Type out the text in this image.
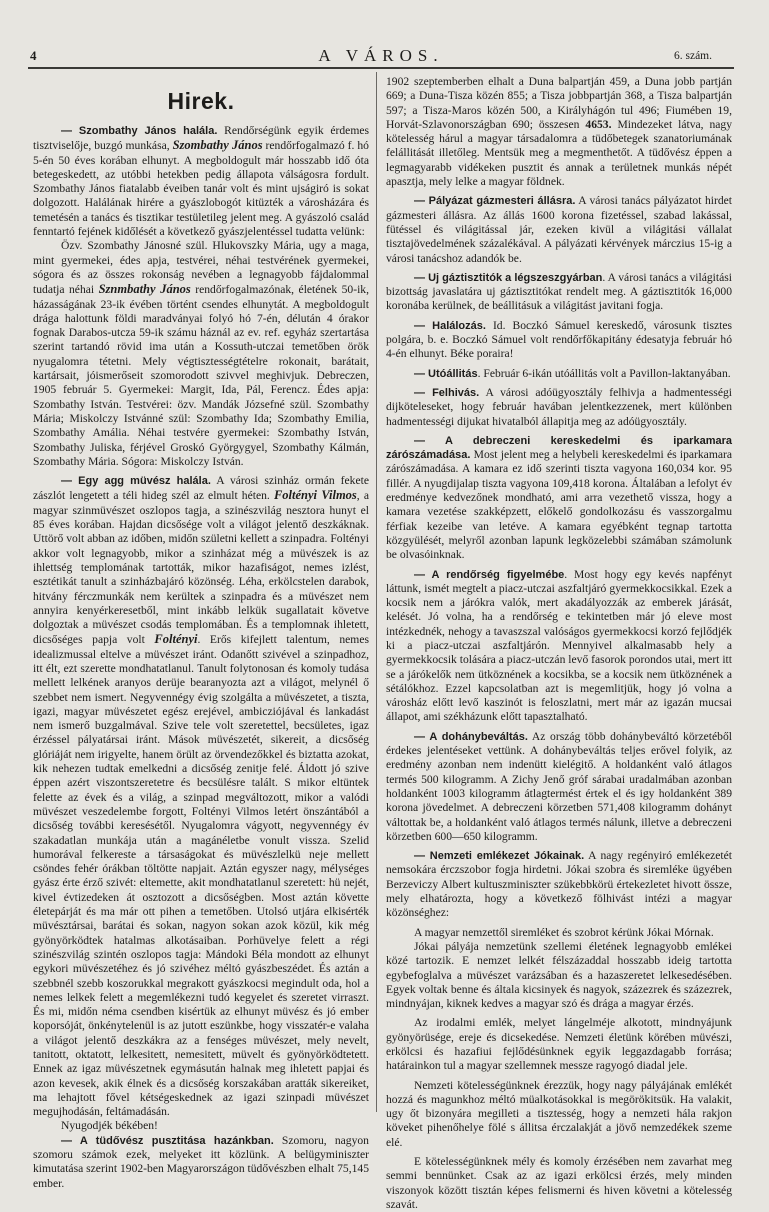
4	A VÁROS.	6. szám.
Hirek.

— Szombathy János halála. Rendőrségünk egyik érdemes tisztviselője, buzgó munkása, Szombathy János rendőrfogalmazó f. hó 5-én 50 éves korában elhunyt. A megboldogult már hosszabb idő óta betegeskedett, az utóbbi hetekben pedig állapota válságosra fordult. Szombathy János fiatalabb éveiben tanár volt és mint ujságiró is sokat dolgozott. Halálának hirére a gyászlobogót kitüzték a városházára és temetésén a tanács és tisztikar testületileg jelent meg. A gyászoló család fenntartó fejének kidőlését a következő gyászjelentéssel tudatta velünk:

Özv. Szombathy Jánosné szül. Hlukovszky Mária, ugy a maga, mint gyermekei, édes apja, testvérei, néhai testvérének gyermekei, sógora és az összes rokonság nevében a legnagyobb fájdalommal tudatja néhai Sznmbathy János rendőrfogalmazónak, életének 50-ik, házasságának 23-ik évében történt csendes elhunytát. A megboldogult drága halottunk földi maradványai folyó hó 7-én, délután 4 órakor fognak Darabos-utcza 59-ik számu háznál az ev. ref. egyház szertartása szerint tartandó rövid ima után a Kossuth-utczai temetőben örök nyugalomra tétetni. Mely végtisztességtételre rokonait, barátait, kartársait, jóismerőseit szomorodott szivvel meghivjuk. Debreczen, 1905 február 5. Gyermekei: Margit, Ida, Pál, Ferencz. Édes apja: Szombathy István. Testvérei: özv. Mandák Józsefné szül. Szombathy Mária; Miskolczy Istvánné szül: Szombathy Ida; Szombathy Emilia, Szombathy Amália. Néhai testvére gyermekei: Szombathy István, Szombathy Juliska, férjével Groskó Györgygyel, Szombathy Kálmán, Szombathy Mária. Sógora: Miskolczy István.

— Egy agg müvész halála. A városi szinház ormán fekete zászlót lengetett a téli hideg szél az elmult héten. Foltényi Vilmos, a magyar szinmüvészet oszlopos tagja, a szinészvilág nesztora hunyt el 85 éves korában. Hajdan dicsősége volt a világot jelentő deszkáknak. Uttörő volt abban az időben, midőn születni kellett a szinpadra. Foltényi akkor volt legnagyobb, mikor a szinházat még a müvészek is az ihlettség templomának tartották, mikor hazafiságot, nemes izlést, esztétikát tanult a szinházbajáró közönség. Léha, erkölcstelen darabok, hitvány férczmunkák nem kerültek a szinpadra és a müvészet nem annyira kenyérkeresetből, mint inkább lelkük sugallatait követve dolgoztak a müvészet csodás templomában. És a templomnak ihletett, dicsőséges papja volt Foltényi. Erős kifejlett talentum, nemes idealizmussal eltelve a müvészet iránt. Odanőtt szivével a szinpadhoz, itt élt, ezt szerette mondhatatlanul. Tanult folytonosan és komoly tudása mellett lelkének aranyos derüje bearanyozta azt a világot, melynél ő szebbet nem ismert. Negyvennégy évig szolgálta a müvészetet, a tiszta, igazi, magyar müvészetet egész erejével, ambicziójával és lankadást nem ismerő buzgalmával. Szive tele volt szeretettel, becsületes, igaz érzéssel pályatársai iránt. Mások müvészetét, sikereit, a dicsőség glóriáját nem irigyelte, hanem örült az örvendezőkkel és biztatta azokat, kik nehezen tudtak emelkedni a dicsőség zenitje felé. Áldott jó szive éppen azért viszontszeretetre és becsülésre talált. S mikor eltüntek felette az évek és a világ, a szinpad megváltozott, mikor a valódi müvészet veszedelembe forgott, Foltényi Vilmos letért önszántából a dicsőség további keresésétől. Nyugalomra vágyott, negyvennégy év szakadatlan munkája után a magánéletbe vonult vissza. Szelid humorával felkereste a társaságokat és müvészlelkü neje mellett csöndes fehér órákban töltötte napjait. Aztán egyszer nagy, mélységes gyász érte érző szivét: eltemette, akit mondhatatlanul szeretett: hü nejét, kivel évtizedeken át osztozott a dicsőségben. Most aztán követte életepárját és ma már ott pihen a temetőben. Utolsó utjára elkisérték müvésztársai, barátai és sokan, nagyon sokan azok közül, kik még gyönyörködtek hatalmas alkotásaiban. Porhüvelye felett a régi szinészvilág szintén oszlopos tagja: Mándoki Béla mondott az elhunyt egykori müvészetéhez és jó szivéhez méltó gyászbeszédet. És aztán a szebbnél szebb koszorukkal megrakott gyászkocsi megindult oda, hol a nemes lelkek felett a megemlékezni tudó kegyelet és szeretet virraszt. És mi, midőn néma csendben kisértük az elhunyt müvész és jó ember koporsóját, önkénytelenül is az jutott eszünkbe, hogy visszatér-e valaha a világot jelentő deszkákra az a fenséges müvészet, mely nevelt, tanitott, oktatott, lelkesitett, nemesitett, müvelt és gyönyörködtetett. Ennek az igaz müvészetnek egymásután halnak meg ihletett papjai és azon kevesek, akik élnek és a dicsőség korszakában aratták sikereiket, ma lehajtott fővel kétségeskednek az igazi szinpadi müvészet megujhodásán, feltámadásán.

Nyugodjék békében!

— A tüdővész pusztitása hazánkban. Szomoru, nagyon szomoru számok ezek, melyeket itt közlünk. A belügyminiszter kimutatása szerint 1902-ben Magyarországon tüdővészben elhalt 75,145 ember.

1902 szeptemberben elhalt a Duna balpartján 459, a Duna jobb partján 669; a Duna-Tisza közén 855; a Tisza jobbpartján 368, a Tisza balpartján 597; a Tisza-Maros közén 500, a Királyhágón tul 496; Fiumében 19, Horvát-Szlavonországban 690; összesen 4653. Mindezeket látva, nagy kötelesség hárul a magyar társadalomra a tüdőbetegek szanatoriumának felállitását illetőleg. Mentsük meg a megmenthetőt. A tüdővész éppen a legmagyarabb vidékeken pusztit és annak a területnek munkás népét apasztja, mely lelke a magyar földnek.

— Pályázat gázmesteri állásra. A városi tanács pályázatot hirdet gázmesteri állásra. Az állás 1600 korona fizetéssel, szabad lakással, fütéssel és világitással jár, ezeken kivül a világitási vállalat tisztajövedelmének százalékával. A pályázati kérvények márczius 15-ig a városi tanácshoz adandók be.

— Uj gáztisztitók a légszeszgyárban. A városi tanács a világitási bizottság javaslatára uj gáztisztitókat rendelt meg. A gáztisztitók 16,000 koronába kerülnek, de beállitásuk a világitást javitani fogja.

— Halálozás. Id. Boczkó Sámuel kereskedő, városunk tisztes polgára, b. e. Boczkó Sámuel volt rendőrfőkapitány édesatyja február hó 4-én elhunyt. Béke poraira!

— Utóállitás. Február 6-ikán utóállitás volt a Pavillon-laktanyában.

— Felhivás. A városi adóügyosztály felhivja a hadmentességi dijköteleseket, hogy február havában jelentkezzenek, mert különben hadmentességi dijukat hivatalból állapitja meg az adóügyosztály.

— A debreczeni kereskedelmi és iparkamara zárószámadása. Most jelent meg a helybeli kereskedelmi és iparkamara zárószámadása. A kamara ez idő szerinti tiszta vagyona 160,034 kor. 95 fillér. A nyugdijalap tiszta vagyona 109,418 korona. Általában a lefolyt év eredménye kedvezőnek mondható, ami arra vezethető vissza, hogy a kamara vezetése szakképzett, előkelő gondolkozásu és vasszorgalmu férfiak kezeibe van letéve. A kamara egyébként tegnap tartotta közgyülését, melyről azonban lapunk legközelebbi számában számolunk be olvasóinknak.

— A rendőrség figyelmébe. Most hogy egy kevés napfényt láttunk, ismét megtelt a piacz-utczai aszfaltjáró gyermekkocsikkal. Ezek a kocsik nem a járókra valók, mert akadályozzák az emberek járását, kelését. Jó volna, ha a rendőrség e tekintetben már jó eleve most intézkednék, nehogy a tavaszszal valóságos gyermekkocsi korzó fejlődjék ki a piacz-utczai aszfaltjárón. Mennyivel alkalmasabb hely a gyermekkocsik tolására a piacz-utczán levő fasorok porondos utai, mert itt se a járókelők nem ütköznének a kocsikba, se a kocsik nem ütköznének a sétálókhoz. Ezzel kapcsolatban azt is megemlitjük, hogy jó volna a városház előtt levő kaszinót is feloszlatni, mert már az igazán mucsai állapot, ami székházunk előtt tapasztalható.

— A dohánybeváltás. Az ország több dohánybeváltó körzetéből érdekes jelentéseket vettünk. A dohánybeváltás teljes erővel folyik, az eredmény azonban nem indenütt kielégitő. A holdanként való átlagos termés 500 kilogramm. A Zichy Jenő gróf sárabai uradalmában azonban holdanként 1003 kilogramm átlagtermést értek el és igy holdanként 389 korona jövedelmet. A debreczeni körzetben 571,408 kilogramm dohányt váltottak be, a holdanként való átlagos termés nálunk, illetve a debreczeni körzetben 600—650 kilogramm.

— Nemzeti emlékezet Jókainak. A nagy regényiró emlékezetét nemsokára érczszobor fogja hirdetni. Jókai szobra és siremléke ügyében Berzeviczy Albert kultuszminiszter szükebbkörü értekezletet hivott össze, mely elhatározta, hogy a következő fölhivást intézi a magyar közönséghez:

A magyar nemzettől siremléket és szobrot kérünk Jókai Mórnak.

Jókai pályája nemzetünk szellemi életének legnagyobb emlékei közé tartozik. E nemzet lelkét félszázaddal hosszabb ideig tartotta egybefoglalva a müvészet varázsában és a hazaszeretet lelkesedésében. Egyek voltak benne és általa kicsinyek és nagyok, százezrek és százezrek, mindnyájan, kiknek kedves a magyar szó és drága a magyar érzés.

Az irodalmi emlék, melyet lángelméje alkotott, mindnyájunk gyönyörüsége, ereje és dicsekedése. Nemzeti életünk körében müvészi, erkölcsi és hazafiui fejlődésünknek egyik leggazdagabb forrása; határainkon tul a magyar szellemnek messze ragyogó diadal jele.

Nemzeti kötelességünknek érezzük, hogy nagy pályájának emlékét hozzá és magunkhoz méltó müalkotásokkal is megörökitsük. Ha valakit, ugy őt bizonyára megilleti a tisztesség, hogy a nemzeti hála rakjon köveket pihenőhelye fölé s állitsa érczalakját a jövő nemzedékek szeme elé.

E kötelességünknek mély és komoly érzésében nem zavarhat meg semmi bennünket. Csak az az igazi erkölcsi érzés, mely minden viszonyok között tisztán képes felismerni és hiven követni a kötelesség szavát.
